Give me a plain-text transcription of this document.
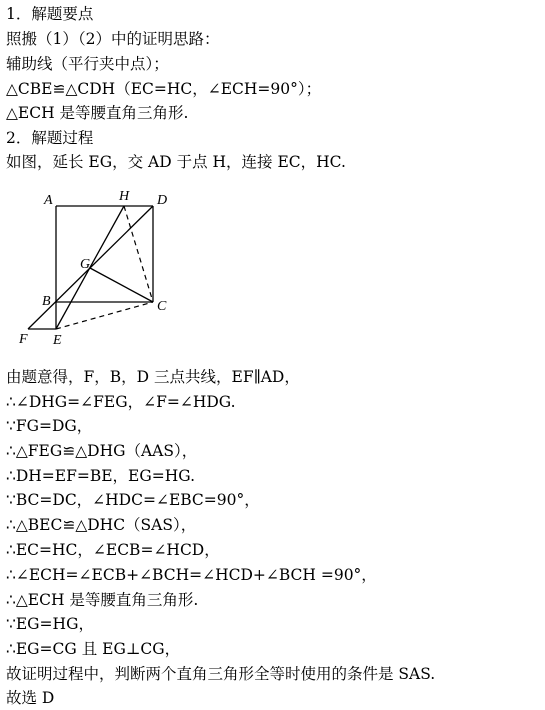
1．解题要点
照搬（1）（2）中的证明思路：
辅助线（平行夹中点）；
△CBE≌△CDH（EC=HC，∠ECH=90°）；
△ECH 是等腰直角三角形.
2．解题过程
如图，延长 EG，交 AD 于点 H，连接 EC，HC.
A	H D
G
B	C
F E
由题意得，F，B，D 三点共线，EF∥AD，
∴∠DHG=∠FEG，∠F=∠HDG.
∵FG=DG，
∴△FEG≌△DHG（AAS），
∴DH=EF=BE，EG=HG.
∵BC=DC，∠HDC=∠EBC=90°，
∴△BEC≌△DHC（SAS），
∴EC=HC，∠ECB=∠HCD，
∴∠ECH=∠ECB+∠BCH=∠HCD+∠BCH =90°，
∴△ECH 是等腰直角三角形.
∵EG=HG，
∴EG=CG 且 EG⊥CG，
故证明过程中，判断两个直角三角形全等时使用的条件是 SAS.
故选 D
